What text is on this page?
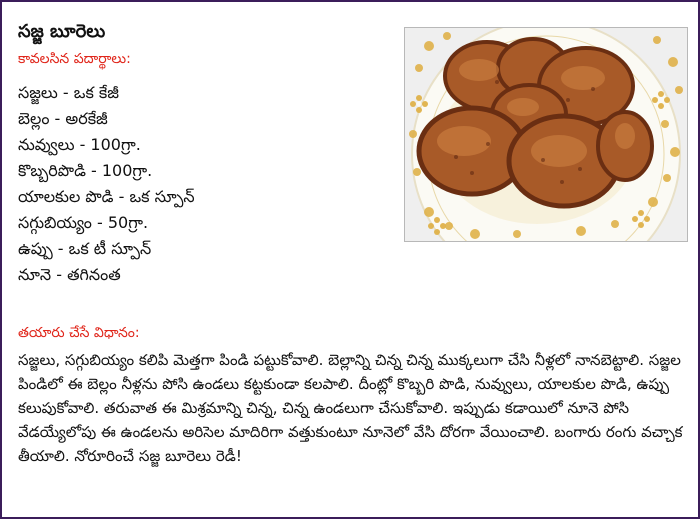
సజ్జ బూరెలు
కావలసిన పదార్థాలు:
సజ్జలు - ఒక కేజీ
బెల్లం - అరకేజీ
నువ్వులు - 100గ్రా.
కొబ్బరిపొడి - 100గ్రా.
యాలకుల పొడి - ఒక స్పూన్
సగ్గుబియ్యం - 50గ్రా.
ఉప్పు - ఒక టీ స్పూన్
నూనె - తగినంత
తయారు చేసే విధానం:

సజ్జలు, సగ్గుబియ్యం కలిపి మెత్తగా పిండి పట్టుకోవాలి. బెల్లాన్ని చిన్న చిన్న ముక్కలుగా చేసి నీళ్లలో నానబెట్టాలి. సజ్జల పిండిలో ఈ బెల్లం నీళ్లను పోసి ఉండలు కట్టకుండా కలపాలి. దీంట్లో కొబ్బరి పొడి, నువ్వులు, యాలకుల పొడి, ఉప్పు కలుపుకోవాలి. తరువాత ఈ మిశ్రమాన్ని చిన్న, చిన్న ఉండలుగా చేసుకోవాలి. ఇప్పుడు కడాయిలో నూనె పోసి వేడయ్యేలోపు ఈ ఉండలను అరిసెల మాదిరిగా వత్తుకుంటూ నూనెలో వేసి దోరగా వేయించాలి. బంగారు రంగు వచ్చాక తీయాలి. నోరూరించే సజ్జ బూరెలు రెడీ!
